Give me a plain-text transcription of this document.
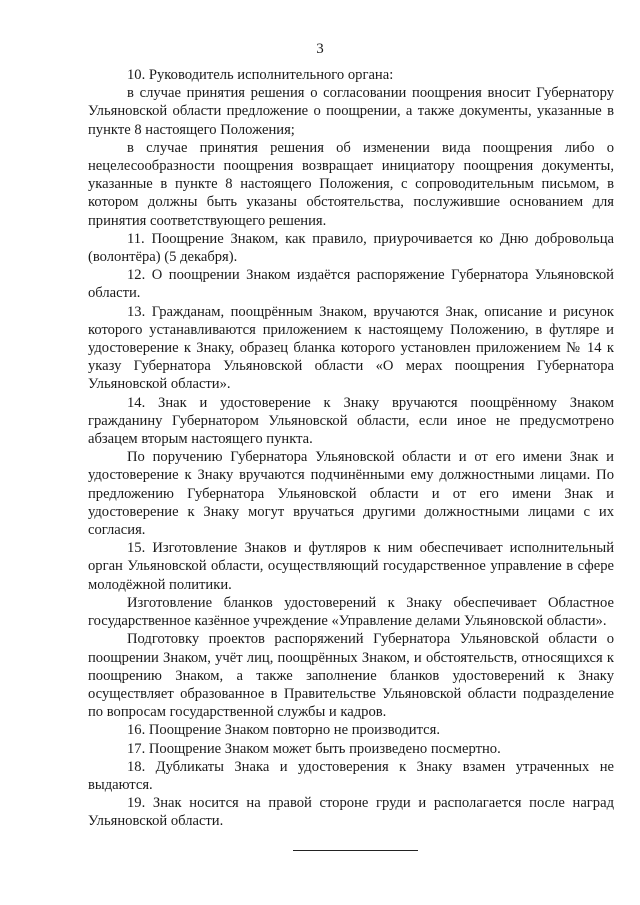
3

10. Руководитель исполнительного органа:

в случае принятия решения о согласовании поощрения вносит Губернатору Ульяновской области предложение о поощрении, а также документы, указанные в пункте 8 настоящего Положения;

в случае принятия решения об изменении вида поощрения либо о нецелесообразности поощрения возвращает инициатору поощрения документы, указанные в пункте 8 настоящего Положения, с сопроводительным письмом, в котором должны быть указаны обстоятельства, послужившие основанием для принятия соответствующего решения.

11. Поощрение Знаком, как правило, приурочивается ко Дню добровольца (волонтёра) (5 декабря).

12. О поощрении Знаком издаётся распоряжение Губернатора Ульяновской области.

13. Гражданам, поощрённым Знаком, вручаются Знак, описание и рисунок которого устанавливаются приложением к настоящему Положению, в футляре и удостоверение к Знаку, образец бланка которого установлен приложением № 14 к указу Губернатора Ульяновской области «О мерах поощрения Губернатора Ульяновской области».

14. Знак и удостоверение к Знаку вручаются поощрённому Знаком гражданину Губернатором Ульяновской области, если иное не предусмотрено абзацем вторым настоящего пункта.

По поручению Губернатора Ульяновской области и от его имени Знак и удостоверение к Знаку вручаются подчинёнными ему должностными лицами. По предложению Губернатора Ульяновской области и от его имени Знак и удостоверение к Знаку могут вручаться другими должностными лицами с их согласия.

15. Изготовление Знаков и футляров к ним обеспечивает исполнительный орган Ульяновской области, осуществляющий государственное управление в сфере молодёжной политики.

Изготовление бланков удостоверений к Знаку обеспечивает Областное государственное казённое учреждение «Управление делами Ульяновской области».

Подготовку проектов распоряжений Губернатора Ульяновской области о поощрении Знаком, учёт лиц, поощрённых Знаком, и обстоятельств, относящихся к поощрению Знаком, а также заполнение бланков удостоверений к Знаку осуществляет образованное в Правительстве Ульяновской области подразделение по вопросам государственной службы и кадров.

16. Поощрение Знаком повторно не производится.

17. Поощрение Знаком может быть произведено посмертно.

18. Дубликаты Знака и удостоверения к Знаку взамен утраченных не выдаются.

19. Знак носится на правой стороне груди и располагается после наград Ульяновской области.
